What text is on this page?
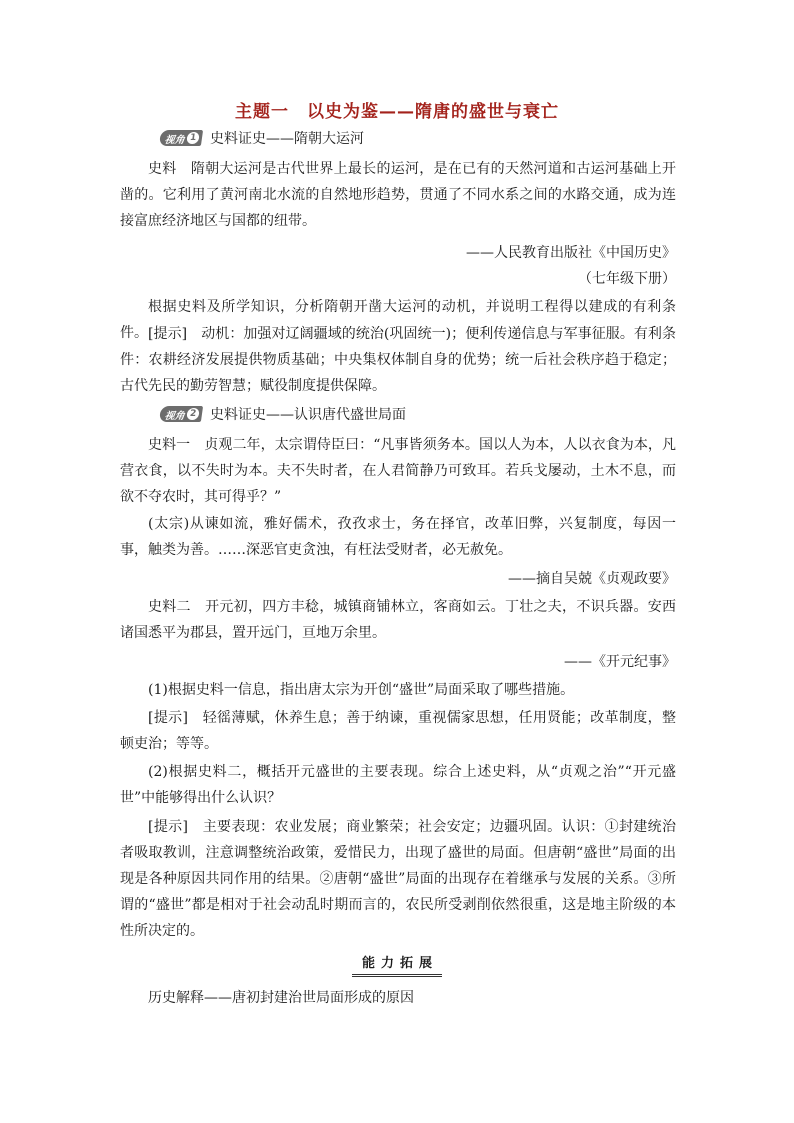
主题一　以史为鉴——隋唐的盛世与衰亡
视角 1 史料证史——隋朝大运河

史料　隋朝大运河是古代世界上最长的运河，是在已有的天然河道和古运河基础上开凿的。它利用了黄河南北水流的自然地形趋势，贯通了不同水系之间的水路交通，成为连接富庶经济地区与国都的纽带。

——人民教育出版社《中国历史》
（七年级下册）

根据史料及所学知识，分析隋朝开凿大运河的动机，并说明工程得以建成的有利条件。 [提示]　动机：加强对辽阔疆域的统治(巩固统一)；便利传递信息与军事征服。有利条件：农耕经济发展提供物质基础；中央集权体制自身的优势；统一后社会秩序趋于稳定；古代先民的勤劳智慧；赋役制度提供保障。

视角 2 史料证史——认识唐代盛世局面

史料一　贞观二年，太宗谓侍臣曰：“凡事皆须务本。国以人为本，人以衣食为本，凡营衣食，以不失时为本。夫不失时者，在人君简静乃可致耳。若兵戈屡动，土木不息，而欲不夺农时，其可得乎？”

(太宗)从谏如流，雅好儒术，孜孜求士，务在择官，改革旧弊，兴复制度，每因一事，触类为善。……深恶官吏贪浊，有枉法受财者，必无赦免。

——摘自吴兢《贞观政要》

史料二　开元初，四方丰稔，城镇商铺林立，客商如云。丁壮之夫，不识兵器。安西诸国悉平为郡县，置开远门，亘地万余里。

——《开元纪事》

(1)根据史料一信息，指出唐太宗为开创“盛世”局面采取了哪些措施。

[提示]　轻徭薄赋，休养生息；善于纳谏，重视儒家思想，任用贤能；改革制度，整顿吏治；等等。

(2)根据史料二，概括开元盛世的主要表现。综合上述史料，从“贞观之治”“开元盛世”中能够得出什么认识？

[提示]　主要表现：农业发展；商业繁荣；社会安定；边疆巩固。认识：①封建统治者吸取教训，注意调整统治政策，爱惜民力，出现了盛世的局面。但唐朝“盛世”局面的出现是各种原因共同作用的结果。②唐朝“盛世”局面的出现存在着继承与发展的关系。③所谓的“盛世”都是相对于社会动乱时期而言的，农民所受剥削依然很重，这是地主阶级的本性所决定的。

能力拓展

历史解释——唐初封建治世局面形成的原因
